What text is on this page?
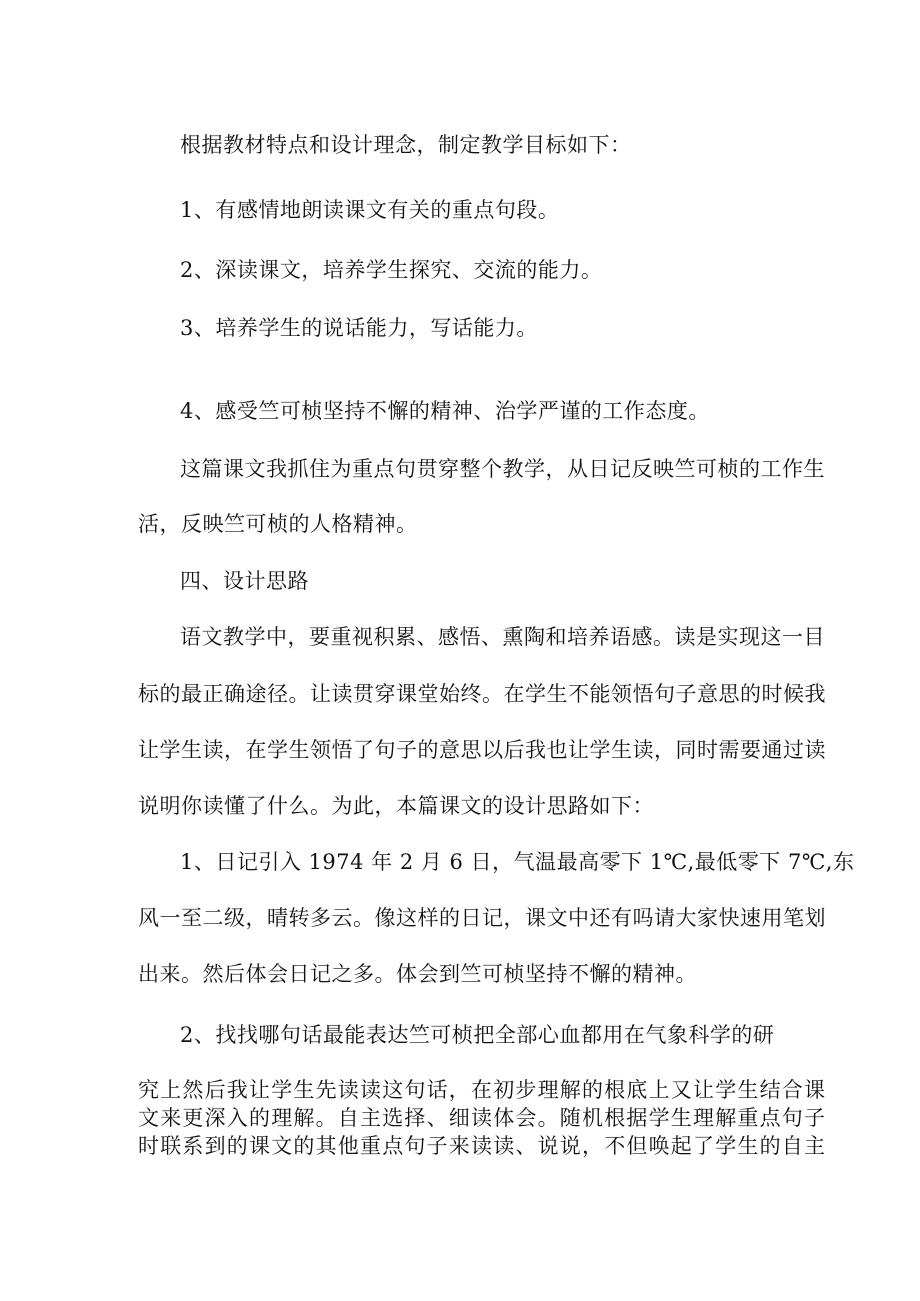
根据教材特点和设计理念，制定教学目标如下：
1、有感情地朗读课文有关的重点句段。
2、深读课文，培养学生探究、交流的能力。
3、培养学生的说话能力，写话能力。
4、感受竺可桢坚持不懈的精神、治学严谨的工作态度。
这篇课文我抓住为重点句贯穿整个教学，从日记反映竺可桢的工作生
活，反映竺可桢的人格精神。
四、设计思路
语文教学中，要重视积累、感悟、熏陶和培养语感。读是实现这一目
标的最正确途径。让读贯穿课堂始终。在学生不能领悟句子意思的时候我
让学生读，在学生领悟了句子的意思以后我也让学生读，同时需要通过读
说明你读懂了什么。为此，本篇课文的设计思路如下：
1、日记引入 1974 年 2 月 6 日，气温最高零下 1℃,最低零下 7℃,东
风一至二级，晴转多云。像这样的日记，课文中还有吗请大家快速用笔划
出来。然后体会日记之多。体会到竺可桢坚持不懈的精神。
2、找找哪句话最能表达竺可桢把全部心血都用在气象科学的研
究上然后我让学生先读读这句话，在初步理解的根底上又让学生结合课
文来更深入的理解。自主选择、细读体会。随机根据学生理解重点句子
时联系到的课文的其他重点句子来读读、说说，不但唤起了学生的自主
